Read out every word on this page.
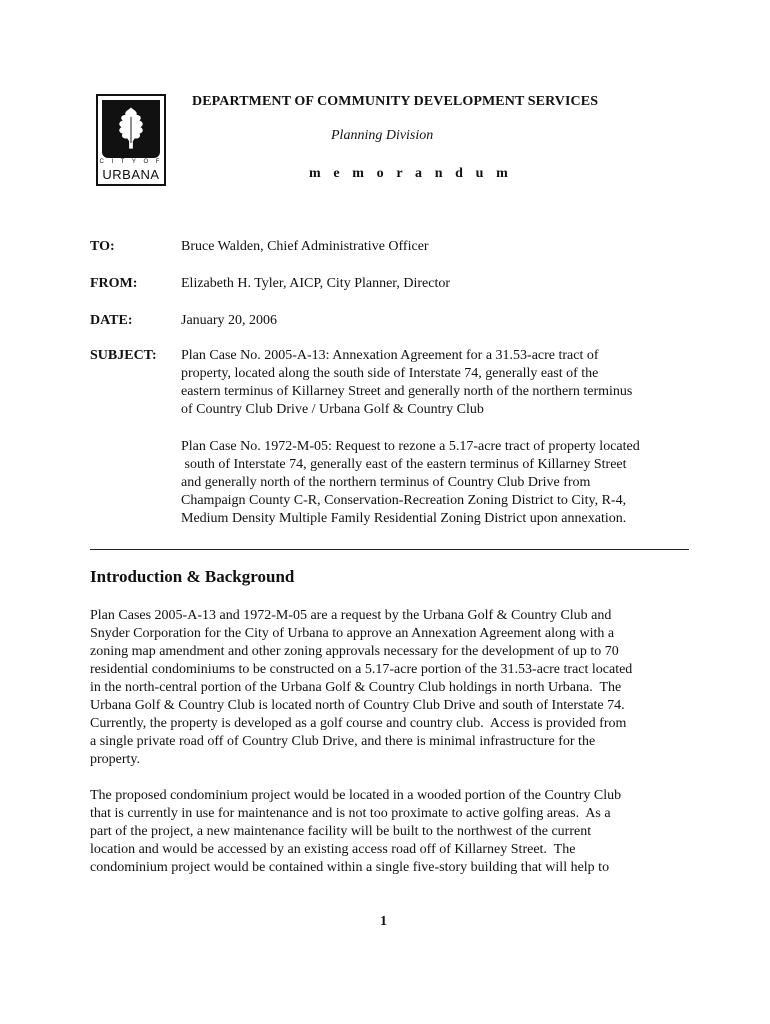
C I T Y O F
URBANA
DEPARTMENT OF COMMUNITY DEVELOPMENT SERVICES
Planning Division
m e m o r a n d u m
TO:	Bruce Walden, Chief Administrative Officer
FROM:	Elizabeth H. Tyler, AICP, City Planner, Director
DATE:	January 20, 2006
SUBJECT: Plan Case No. 2005-A-13: Annexation Agreement for a 31.53-acre tract of
property, located along the south side of Interstate 74, generally east of the
eastern terminus of Killarney Street and generally north of the northern terminus
of Country Club Drive / Urbana Golf & Country Club
Plan Case No. 1972-M-05: Request to rezone a 5.17-acre tract of property located
south of Interstate 74, generally east of the eastern terminus of Killarney Street
and generally north of the northern terminus of Country Club Drive from
Champaign County C-R, Conservation-Recreation Zoning District to City, R-4,
Medium Density Multiple Family Residential Zoning District upon annexation.
Introduction & Background
Plan Cases 2005-A-13 and 1972-M-05 are a request by the Urbana Golf & Country Club and
Snyder Corporation for the City of Urbana to approve an Annexation Agreement along with a
zoning map amendment and other zoning approvals necessary for the development of up to 70
residential condominiums to be constructed on a 5.17-acre portion of the 31.53-acre tract located
in the north-central portion of the Urbana Golf & Country Club holdings in north Urbana.  The
Urbana Golf & Country Club is located north of Country Club Drive and south of Interstate 74.
Currently, the property is developed as a golf course and country club.  Access is provided from
a single private road off of Country Club Drive, and there is minimal infrastructure for the
property.
The proposed condominium project would be located in a wooded portion of the Country Club
that is currently in use for maintenance and is not too proximate to active golfing areas.  As a
part of the project, a new maintenance facility will be built to the northwest of the current
location and would be accessed by an existing access road off of Killarney Street.  The
condominium project would be contained within a single five-story building that will help to
1
